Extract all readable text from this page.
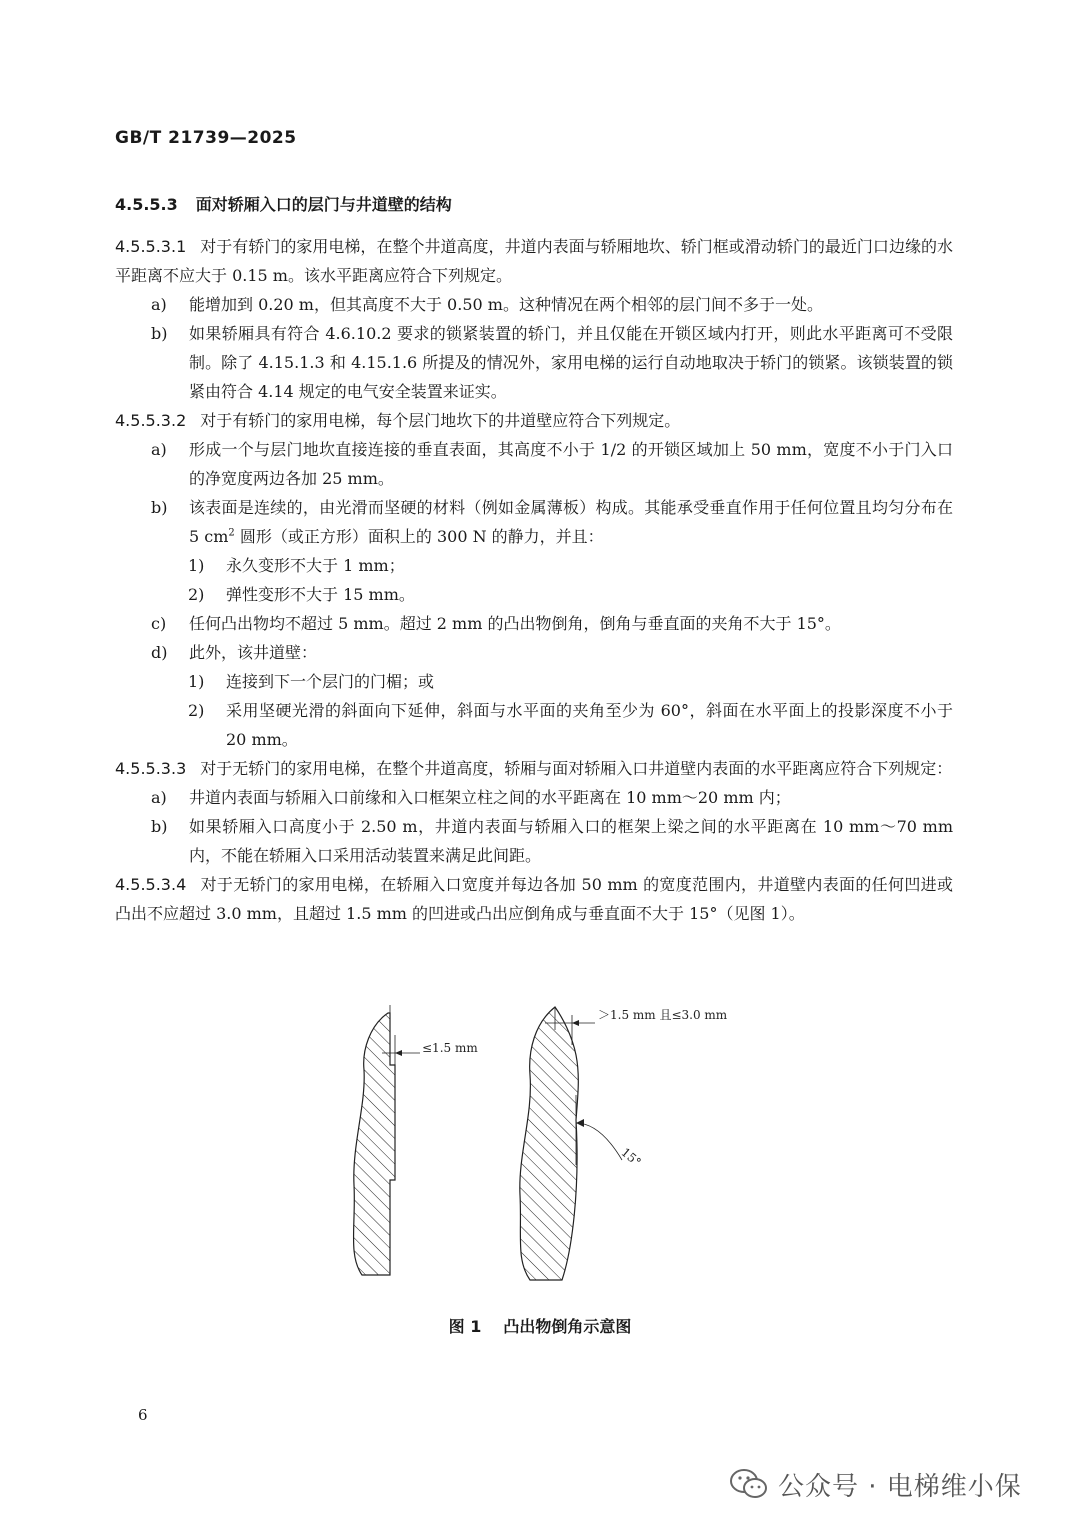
GB/T 21739—2025
4.5.5.3 面对轿厢入口的层门与井道壁的结构

4.5.5.3.1 对于有轿门的家用电梯，在整个井道高度，井道内表面与轿厢地坎、轿门框或滑动轿门的最近门口边缘的水平距离不应大于 0.15 m。该水平距离应符合下列规定。

a)	能增加到 0.20 m，但其高度不大于 0.50 m。这种情况在两个相邻的层门间不多于一处。
b)	如果轿厢具有符合 4.6.10.2 要求的锁紧装置的轿门，并且仅能在开锁区域内打开，则此水平距离可不受限制。除了 4.15.1.3 和 4.15.1.6 所提及的情况外，家用电梯的运行自动地取决于轿门的锁紧。该锁装置的锁紧由符合 4.14 规定的电气安全装置来证实。

4.5.5.3.2 对于有轿门的家用电梯，每个层门地坎下的井道壁应符合下列规定。

a)	形成一个与层门地坎直接连接的垂直表面，其高度不小于 1/2 的开锁区域加上 50 mm，宽度不小于门入口的净宽度两边各加 25 mm。
b)	该表面是连续的，由光滑而坚硬的材料（例如金属薄板）构成。其能承受垂直作用于任何位置且均匀分布在 5 $cm^2$ 圆形（或正方形）面积上的 300 N 的静力，并且：
1)	永久变形不大于 1 mm；
2)	弹性变形不大于 15 mm。
c)	任何凸出物均不超过 5 mm。超过 2 mm 的凸出物倒角，倒角与垂直面的夹角不大于 15°。
d)	此外，该井道壁：
1)	连接到下一个层门的门楣；或
2)	采用坚硬光滑的斜面向下延伸，斜面与水平面的夹角至少为 60°，斜面在水平面上的投影深度不小于 20 mm。

4.5.5.3.3 对于无轿门的家用电梯，在整个井道高度，轿厢与面对轿厢入口井道壁内表面的水平距离应符合下列规定：

a)	井道内表面与轿厢入口前缘和入口框架立柱之间的水平距离在 10 mm～20 mm 内；
b)	如果轿厢入口高度小于 2.50 m，井道内表面与轿厢入口的框架上梁之间的水平距离在 10 mm～70 mm 内，不能在轿厢入口采用活动装置来满足此间距。

4.5.5.3.4 对于无轿门的家用电梯，在轿厢入口宽度并每边各加 50 mm 的宽度范围内，井道壁内表面的任何凹进或凸出不应超过 3.0 mm，且超过 1.5 mm 的凹进或凸出应倒角成与垂直面不大于 15°（见图 1）。

≤1.5 mm
＞1.5 mm 且≤3.0 mm
15°
图 1 凸出物倒角示意图
6
公众号 · 电梯维小保
